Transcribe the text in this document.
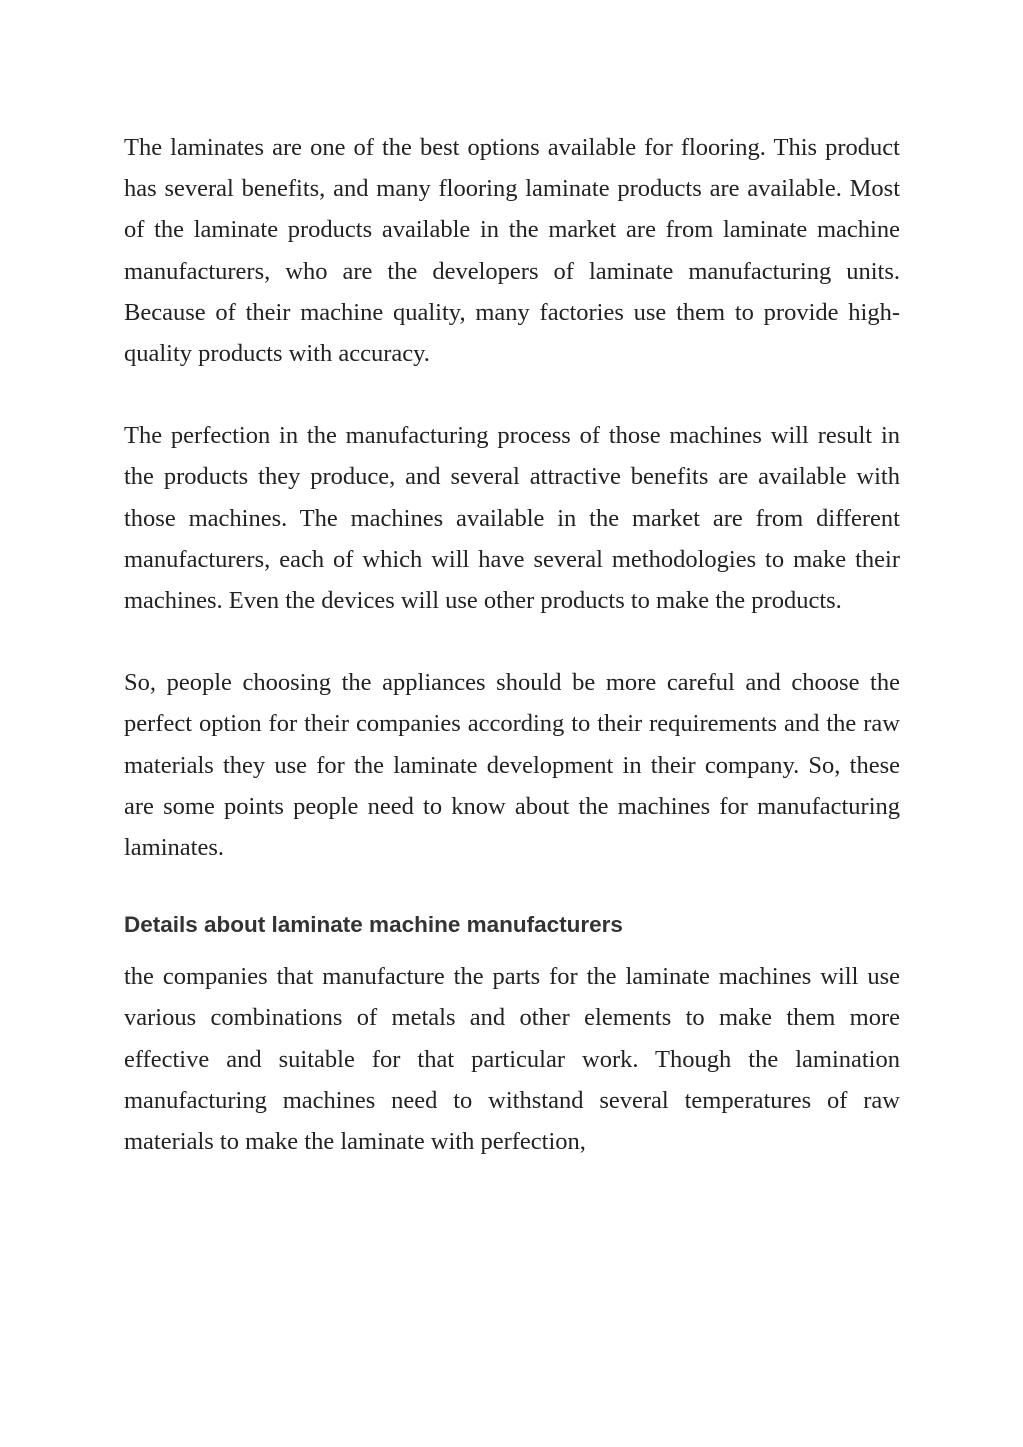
The laminates are one of the best options available for flooring. This product has several benefits, and many flooring laminate products are available. Most of the laminate products available in the market are from laminate machine manufacturers, who are the developers of laminate manufacturing units. Because of their machine quality, many factories use them to provide high-quality products with accuracy.

The perfection in the manufacturing process of those machines will result in the products they produce, and several attractive benefits are available with those machines. The machines available in the market are from different manufacturers, each of which will have several methodologies to make their machines. Even the devices will use other products to make the products.

So, people choosing the appliances should be more careful and choose the perfect option for their companies according to their requirements and the raw materials they use for the laminate development in their company. So, these are some points people need to know about the machines for manufacturing laminates.

Details about laminate machine manufacturers

the companies that manufacture the parts for the laminate machines will use various combinations of metals and other elements to make them more effective and suitable for that particular work. Though the lamination manufacturing machines need to withstand several temperatures of raw materials to make the laminate with perfection,
